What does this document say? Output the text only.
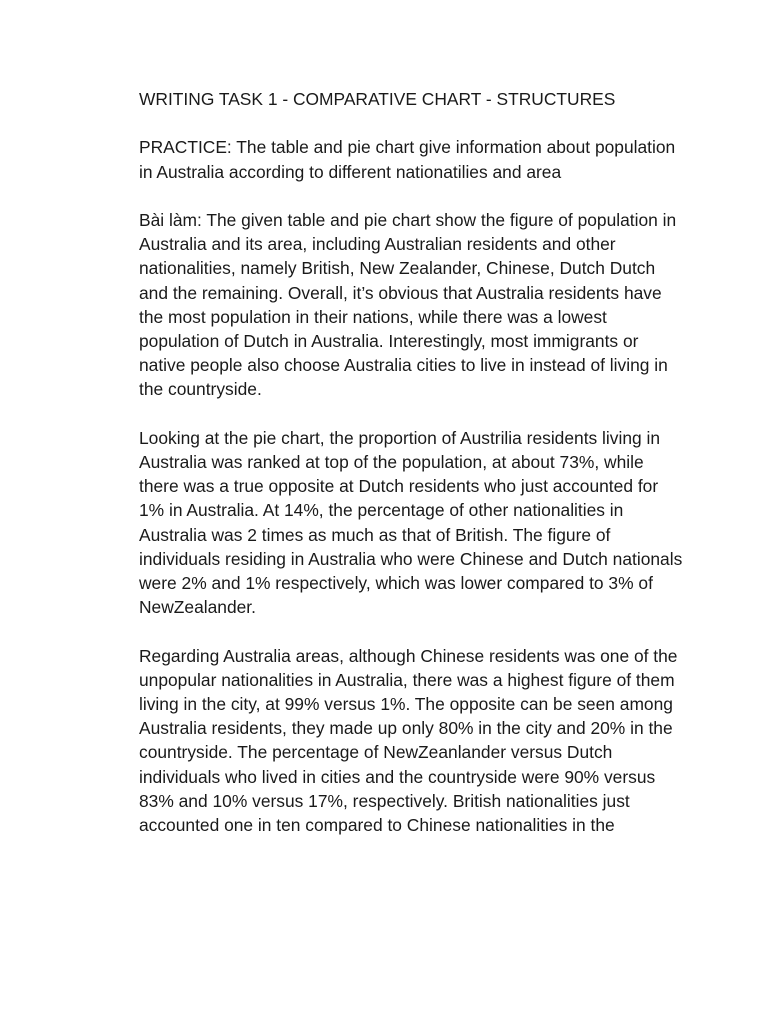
WRITING TASK 1 - COMPARATIVE CHART - STRUCTURES

PRACTICE: The table and pie chart give information about population in Australia according to different nationatilies and area

Bài làm: The given table and pie chart show the figure of population in Australia and its area, including Australian residents and other nationalities, namely British, New Zealander, Chinese, Dutch Dutch and the remaining. Overall, it’s obvious that Australia residents have the most population in their nations, while there was a lowest population of Dutch in Australia. Interestingly, most immigrants or native people also choose Australia cities to live in instead of living in the countryside.

Looking at the pie chart, the proportion of Austrilia residents living in Australia was ranked at top of the population, at about 73%, while there was a true opposite at Dutch residents who just accounted for 1% in Australia. At 14%, the percentage of other nationalities in Australia was 2 times as much as that of British. The figure of individuals residing in Australia who were Chinese and Dutch nationals were 2% and 1% respectively, which was lower compared to 3% of NewZealander.

Regarding Australia areas, although Chinese residents was one of the unpopular nationalities in Australia, there was a highest figure of them living in the city, at 99% versus 1%. The opposite can be seen among Australia residents, they made up only 80% in the city and 20% in the countryside. The percentage of NewZeanlander versus Dutch individuals who lived in cities and the countryside were 90% versus 83% and 10% versus 17%, respectively. British nationalities just accounted one in ten compared to Chinese nationalities in the
